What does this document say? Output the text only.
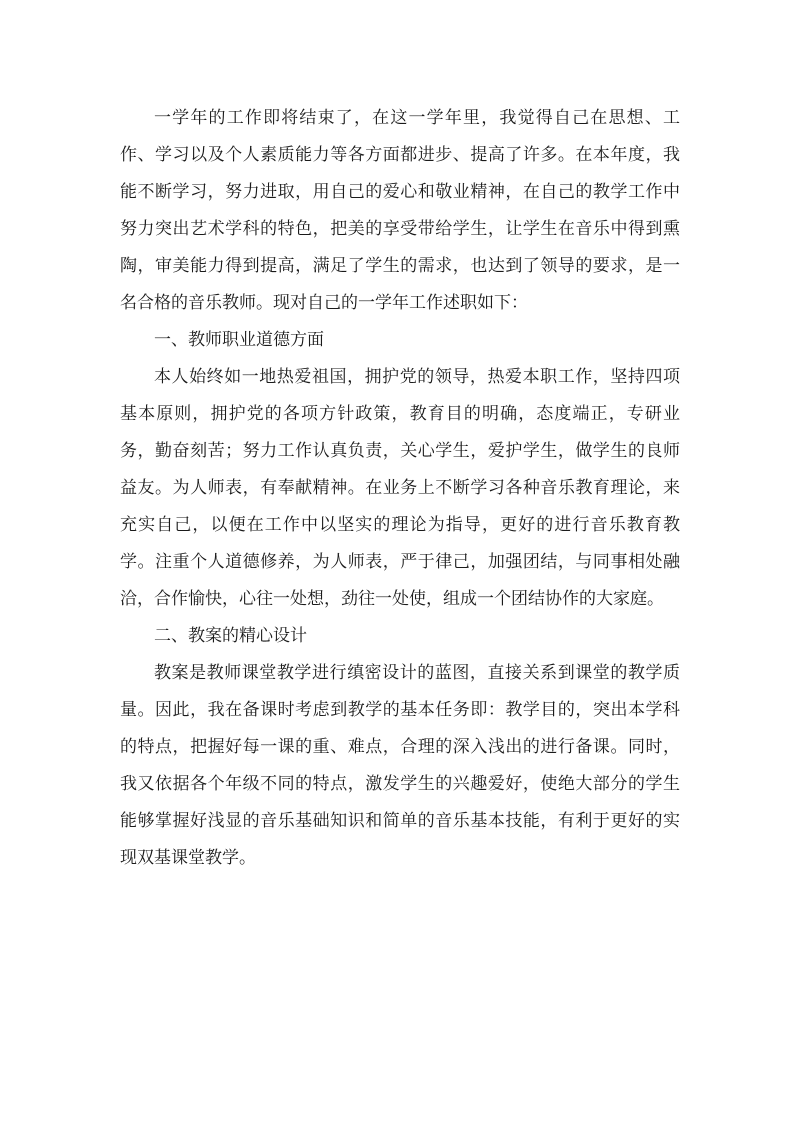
一学年的工作即将结束了，在这一学年里，我觉得自己在思想、工作、学习以及个人素质能力等各方面都进步、提高了许多。在本年度，我能不断学习，努力进取，用自己的爱心和敬业精神，在自己的教学工作中努力突出艺术学科的特色，把美的享受带给学生，让学生在音乐中得到熏陶，审美能力得到提高，满足了学生的需求，也达到了领导的要求，是一名合格的音乐教师。现对自己的一学年工作述职如下：

一、教师职业道德方面

本人始终如一地热爱祖国，拥护党的领导，热爱本职工作，坚持四项基本原则，拥护党的各项方针政策，教育目的明确，态度端正，专研业务，勤奋刻苦；努力工作认真负责，关心学生，爱护学生，做学生的良师益友。为人师表，有奉献精神。在业务上不断学习各种音乐教育理论，来充实自己，以便在工作中以坚实的理论为指导，更好的进行音乐教育教学。注重个人道德修养，为人师表，严于律己，加强团结，与同事相处融洽，合作愉快，心往一处想，劲往一处使，组成一个团结协作的大家庭。

二、教案的精心设计

教案是教师课堂教学进行缜密设计的蓝图，直接关系到课堂的教学质量。因此，我在备课时考虑到教学的基本任务即：教学目的，突出本学科的特点，把握好每一课的重、难点，合理的深入浅出的进行备课。同时，我又依据各个年级不同的特点，激发学生的兴趣爱好，使绝大部分的学生能够掌握好浅显的音乐基础知识和简单的音乐基本技能，有利于更好的实现双基课堂教学。
